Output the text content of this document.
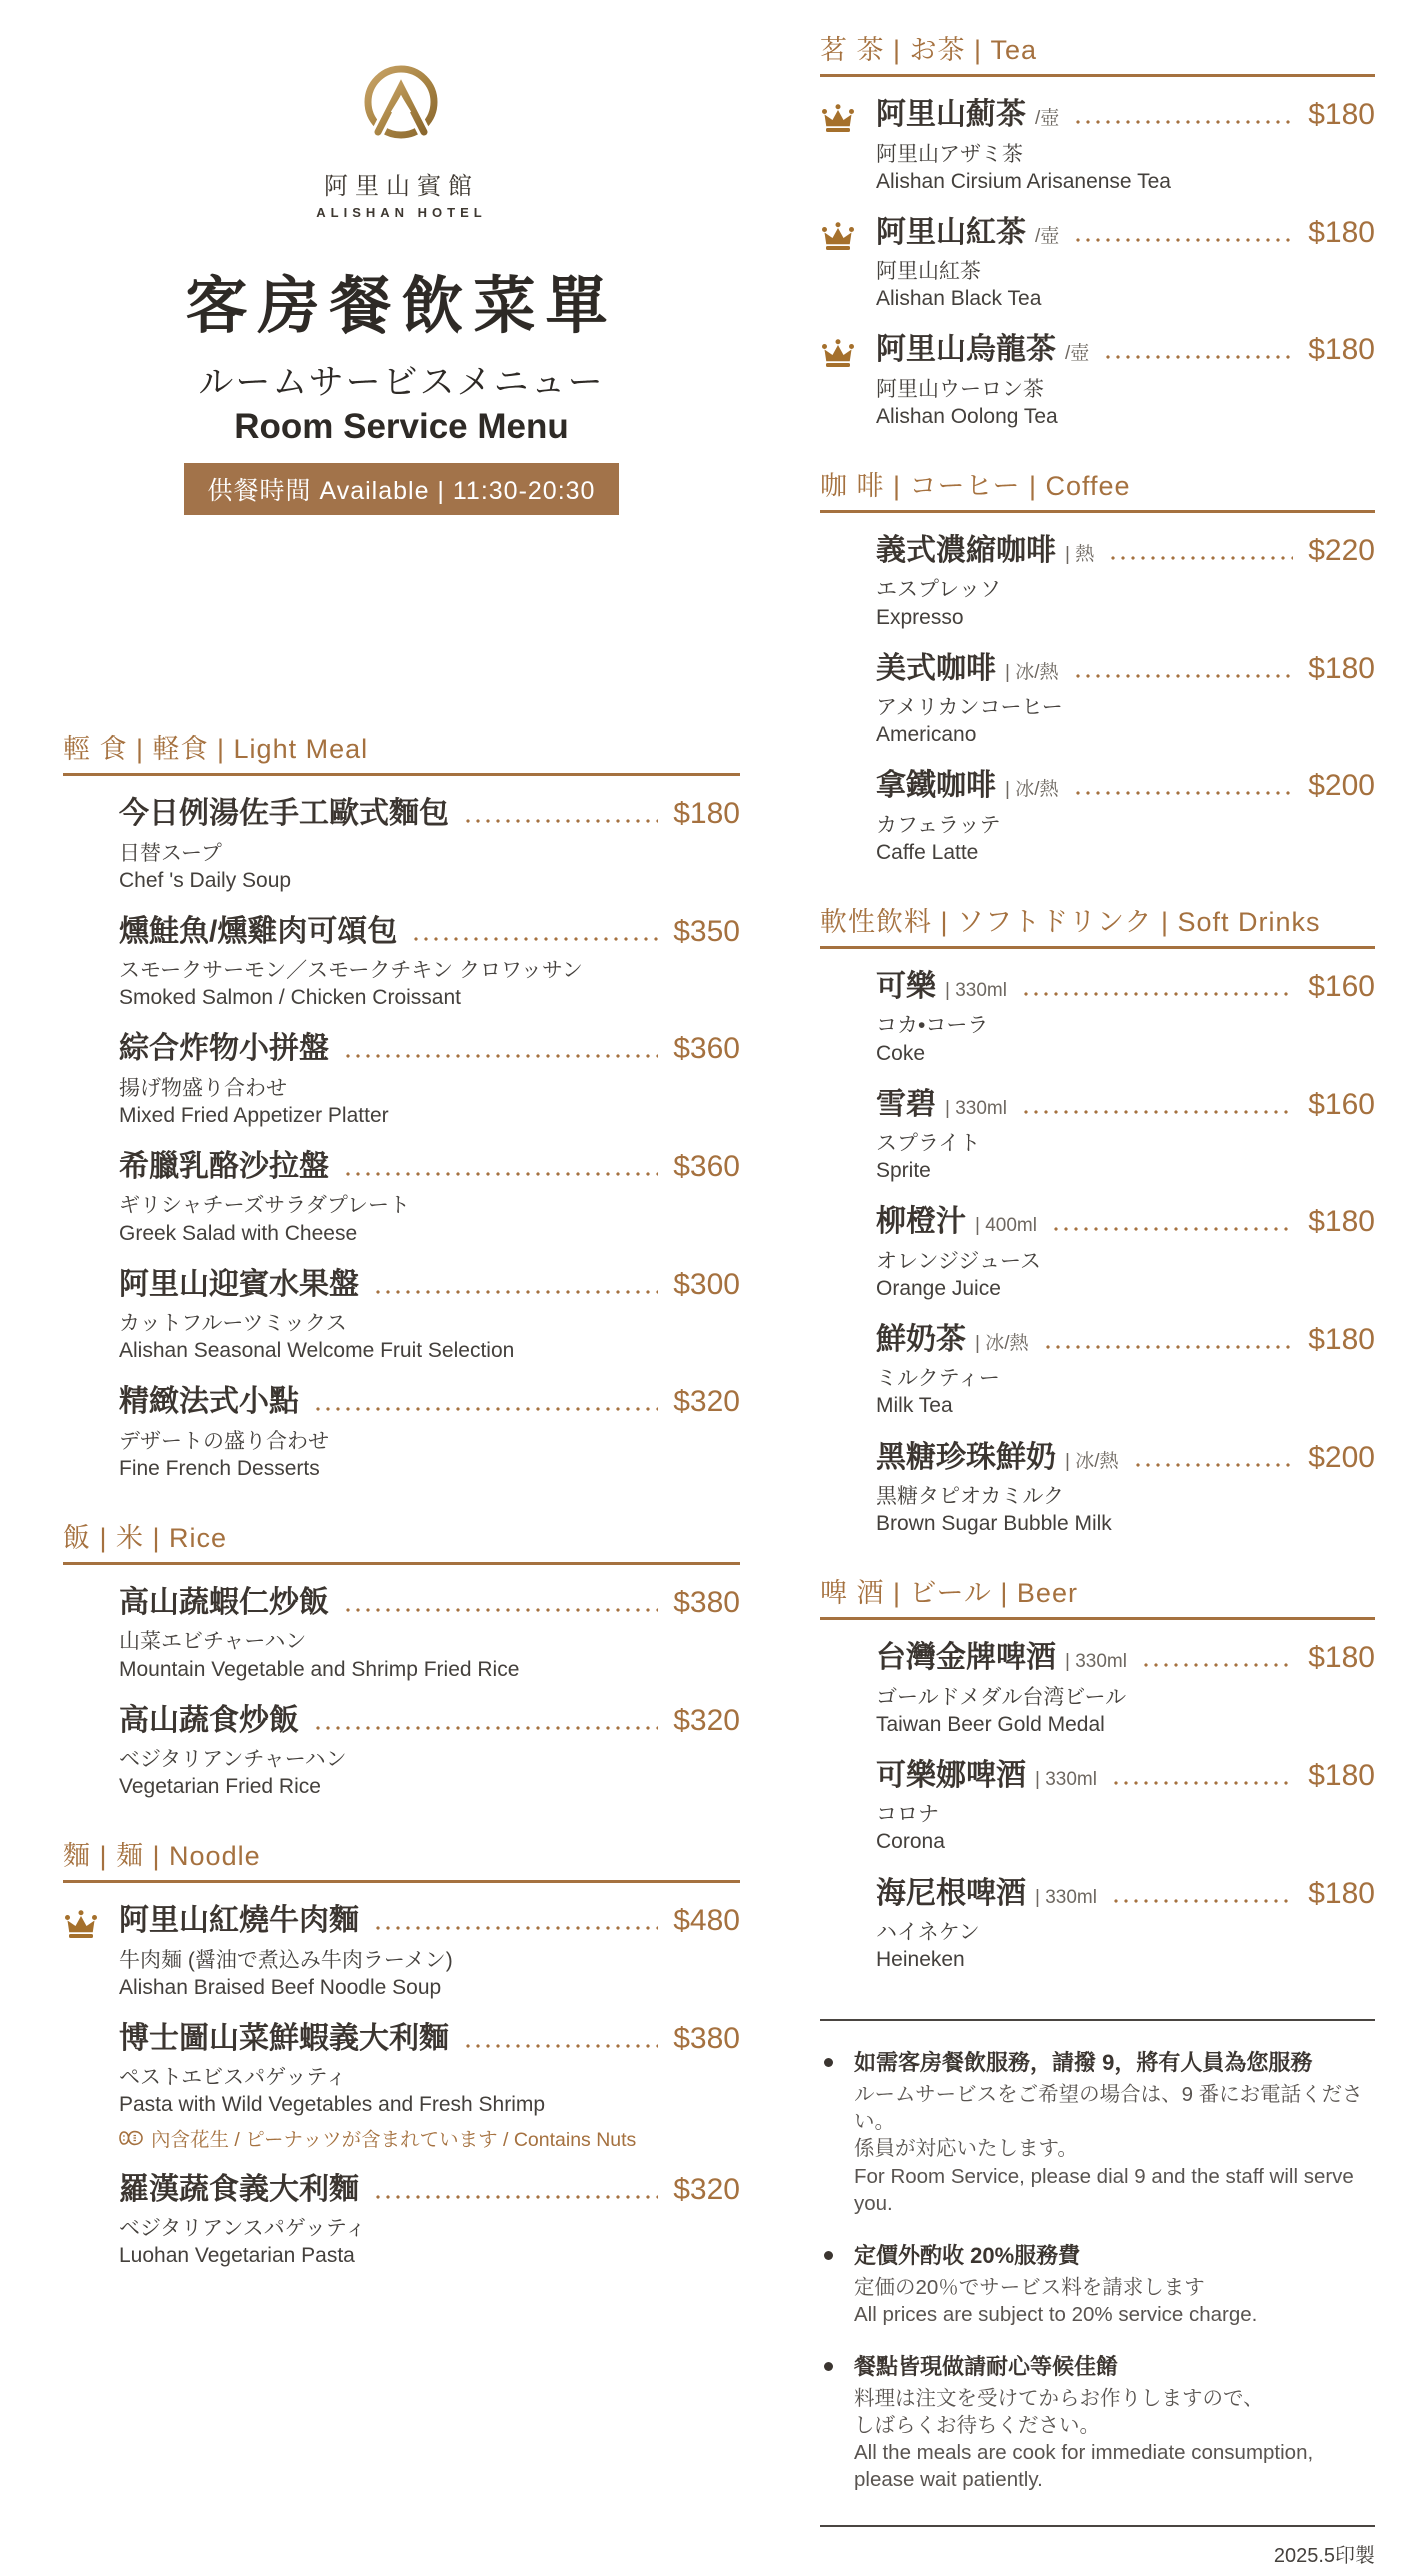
阿里山賓館
ALISHAN HOTEL
客房餐飲菜單
ルームサービスメニュー
Room Service Menu
供餐時間 Available | 11:30-20:30
輕 食 | 軽食 | Light Meal
今日例湯佐手工歐式麵包	$180
日替スープ
Chef 's Daily Soup
燻鮭魚/燻雞肉可頌包	$350
スモークサーモン／スモークチキン クロワッサン
Smoked Salmon / Chicken Croissant
綜合炸物小拼盤	$360
揚げ物盛り合わせ
Mixed Fried Appetizer Platter
希臘乳酪沙拉盤	$360
ギリシャチーズサラダプレート
Greek Salad with Cheese
阿里山迎賓水果盤	$300
カットフルーツミックス
Alishan Seasonal Welcome Fruit Selection
精緻法式小點	$320
デザートの盛り合わせ
Fine French Desserts
飯 | 米 | Rice
高山蔬蝦仁炒飯	$380
山菜エビチャーハン
Mountain Vegetable and Shrimp Fried Rice
高山蔬食炒飯	$320
ベジタリアンチャーハン
Vegetarian Fried Rice
麵 | 麺 | Noodle
阿里山紅燒牛肉麵	$480
牛肉麺 (醤油で煮込み牛肉ラーメン)
Alishan Braised Beef Noodle Soup
博士圖山菜鮮蝦義大利麵	$380
ペストエビスパゲッティ
Pasta with Wild Vegetables and Fresh Shrimp
內含花生 / ピーナッツが含まれています / Contains Nuts
羅漢蔬食義大利麵	$320
ベジタリアンスパゲッティ
Luohan Vegetarian Pasta
茗 茶 | お茶 | Tea
阿里山薊茶 /壺	$180
阿里山アザミ茶
Alishan Cirsium Arisanense Tea
阿里山紅茶 /壺	$180
阿里山紅茶
Alishan Black Tea
阿里山烏龍茶 /壺	$180
阿里山ウーロン茶
Alishan Oolong Tea
咖 啡 | コーヒー | Coffee
義式濃縮咖啡 | 熱	$220
エスプレッソ
Expresso
美式咖啡 | 冰/熱	$180
アメリカンコーヒー
Americano
拿鐵咖啡 | 冰/熱	$200
カフェラッテ
Caffe Latte
軟性飲料 | ソフトドリンク | Soft Drinks
可樂 | 330ml	$160
コカ•コーラ
Coke
雪碧 | 330ml	$160
スプライト
Sprite
柳橙汁 | 400ml	$180
オレンジジュース
Orange Juice
鮮奶茶 | 冰/熱	$180
ミルクティー
Milk Tea
黑糖珍珠鮮奶 | 冰/熱	$200
黒糖タピオカミルク
Brown Sugar Bubble Milk
啤 酒 | ビール | Beer
台灣金牌啤酒 | 330ml	$180
ゴールドメダル台湾ビール
Taiwan Beer Gold Medal
可樂娜啤酒 | 330ml	$180
コロナ
Corona
海尼根啤酒 | 330ml	$180
ハイネケン
Heineken
如需客房餐飲服務，請撥 9，將有人員為您服務
ルームサービスをご希望の場合は、9 番にお電話ください。
係員が対応いたします。
For Room Service, please dial 9 and the staff will serve you.
定價外酌收 20%服務費
定価の20％でサービス料を請求します
All prices are subject to 20% service charge.
餐點皆現做請耐心等候佳餚
料理は注文を受けてからお作りしますので、
しばらくお待ちください。
All the meals are cook for immediate consumption,
please wait patiently.
2025.5印製
